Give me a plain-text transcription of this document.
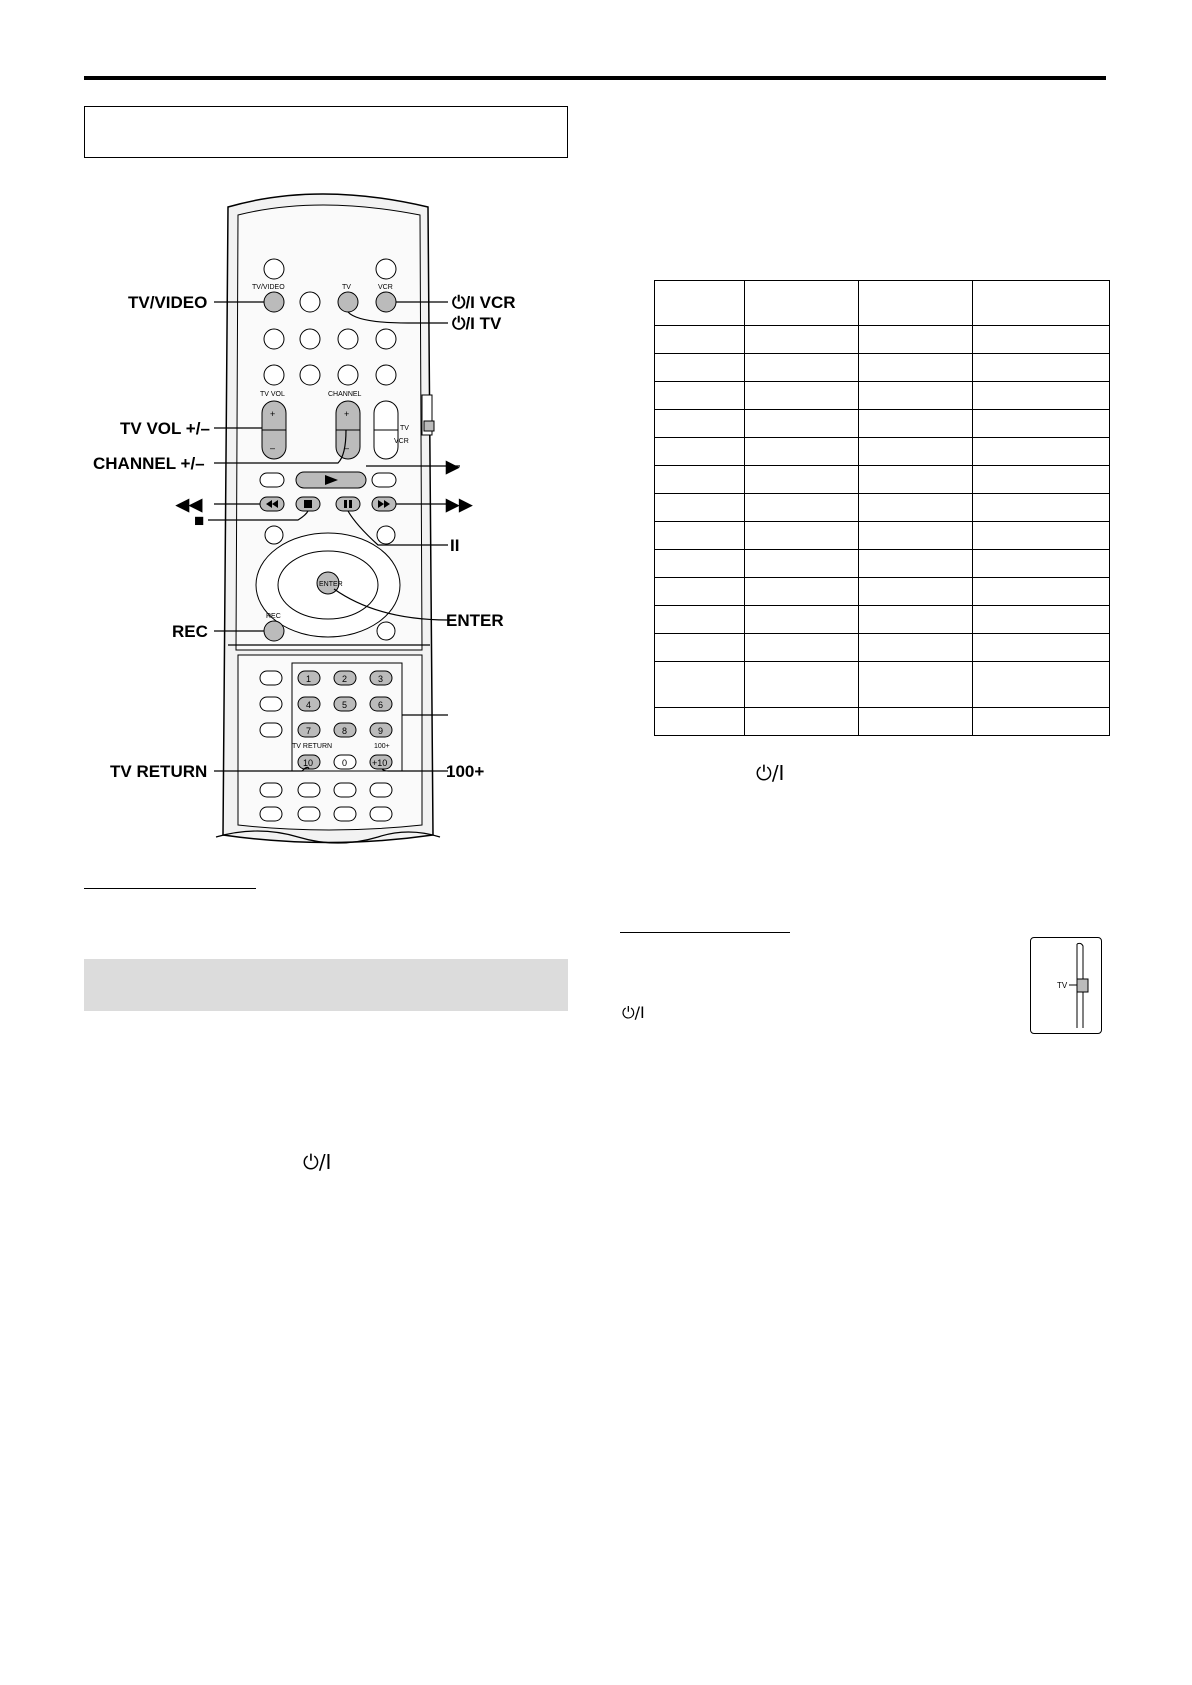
TV/VIDEO	TV	VCR
TV VOL	CHANNEL
+
–
+
–
TV
VCR
ENTER
REC
1	2	3
4	5	6
7	8	9
10	0	+10
TV RETURN	100+
TV/VIDEO	⏻/I VCR
⏻/I TV
TV VOL +/–
CHANNEL +/–	▶
◀◀
■
▶▶
II
ENTER
REC
TV RETURN	100+
⏻/I

⏻/I
⏻/I
TV
